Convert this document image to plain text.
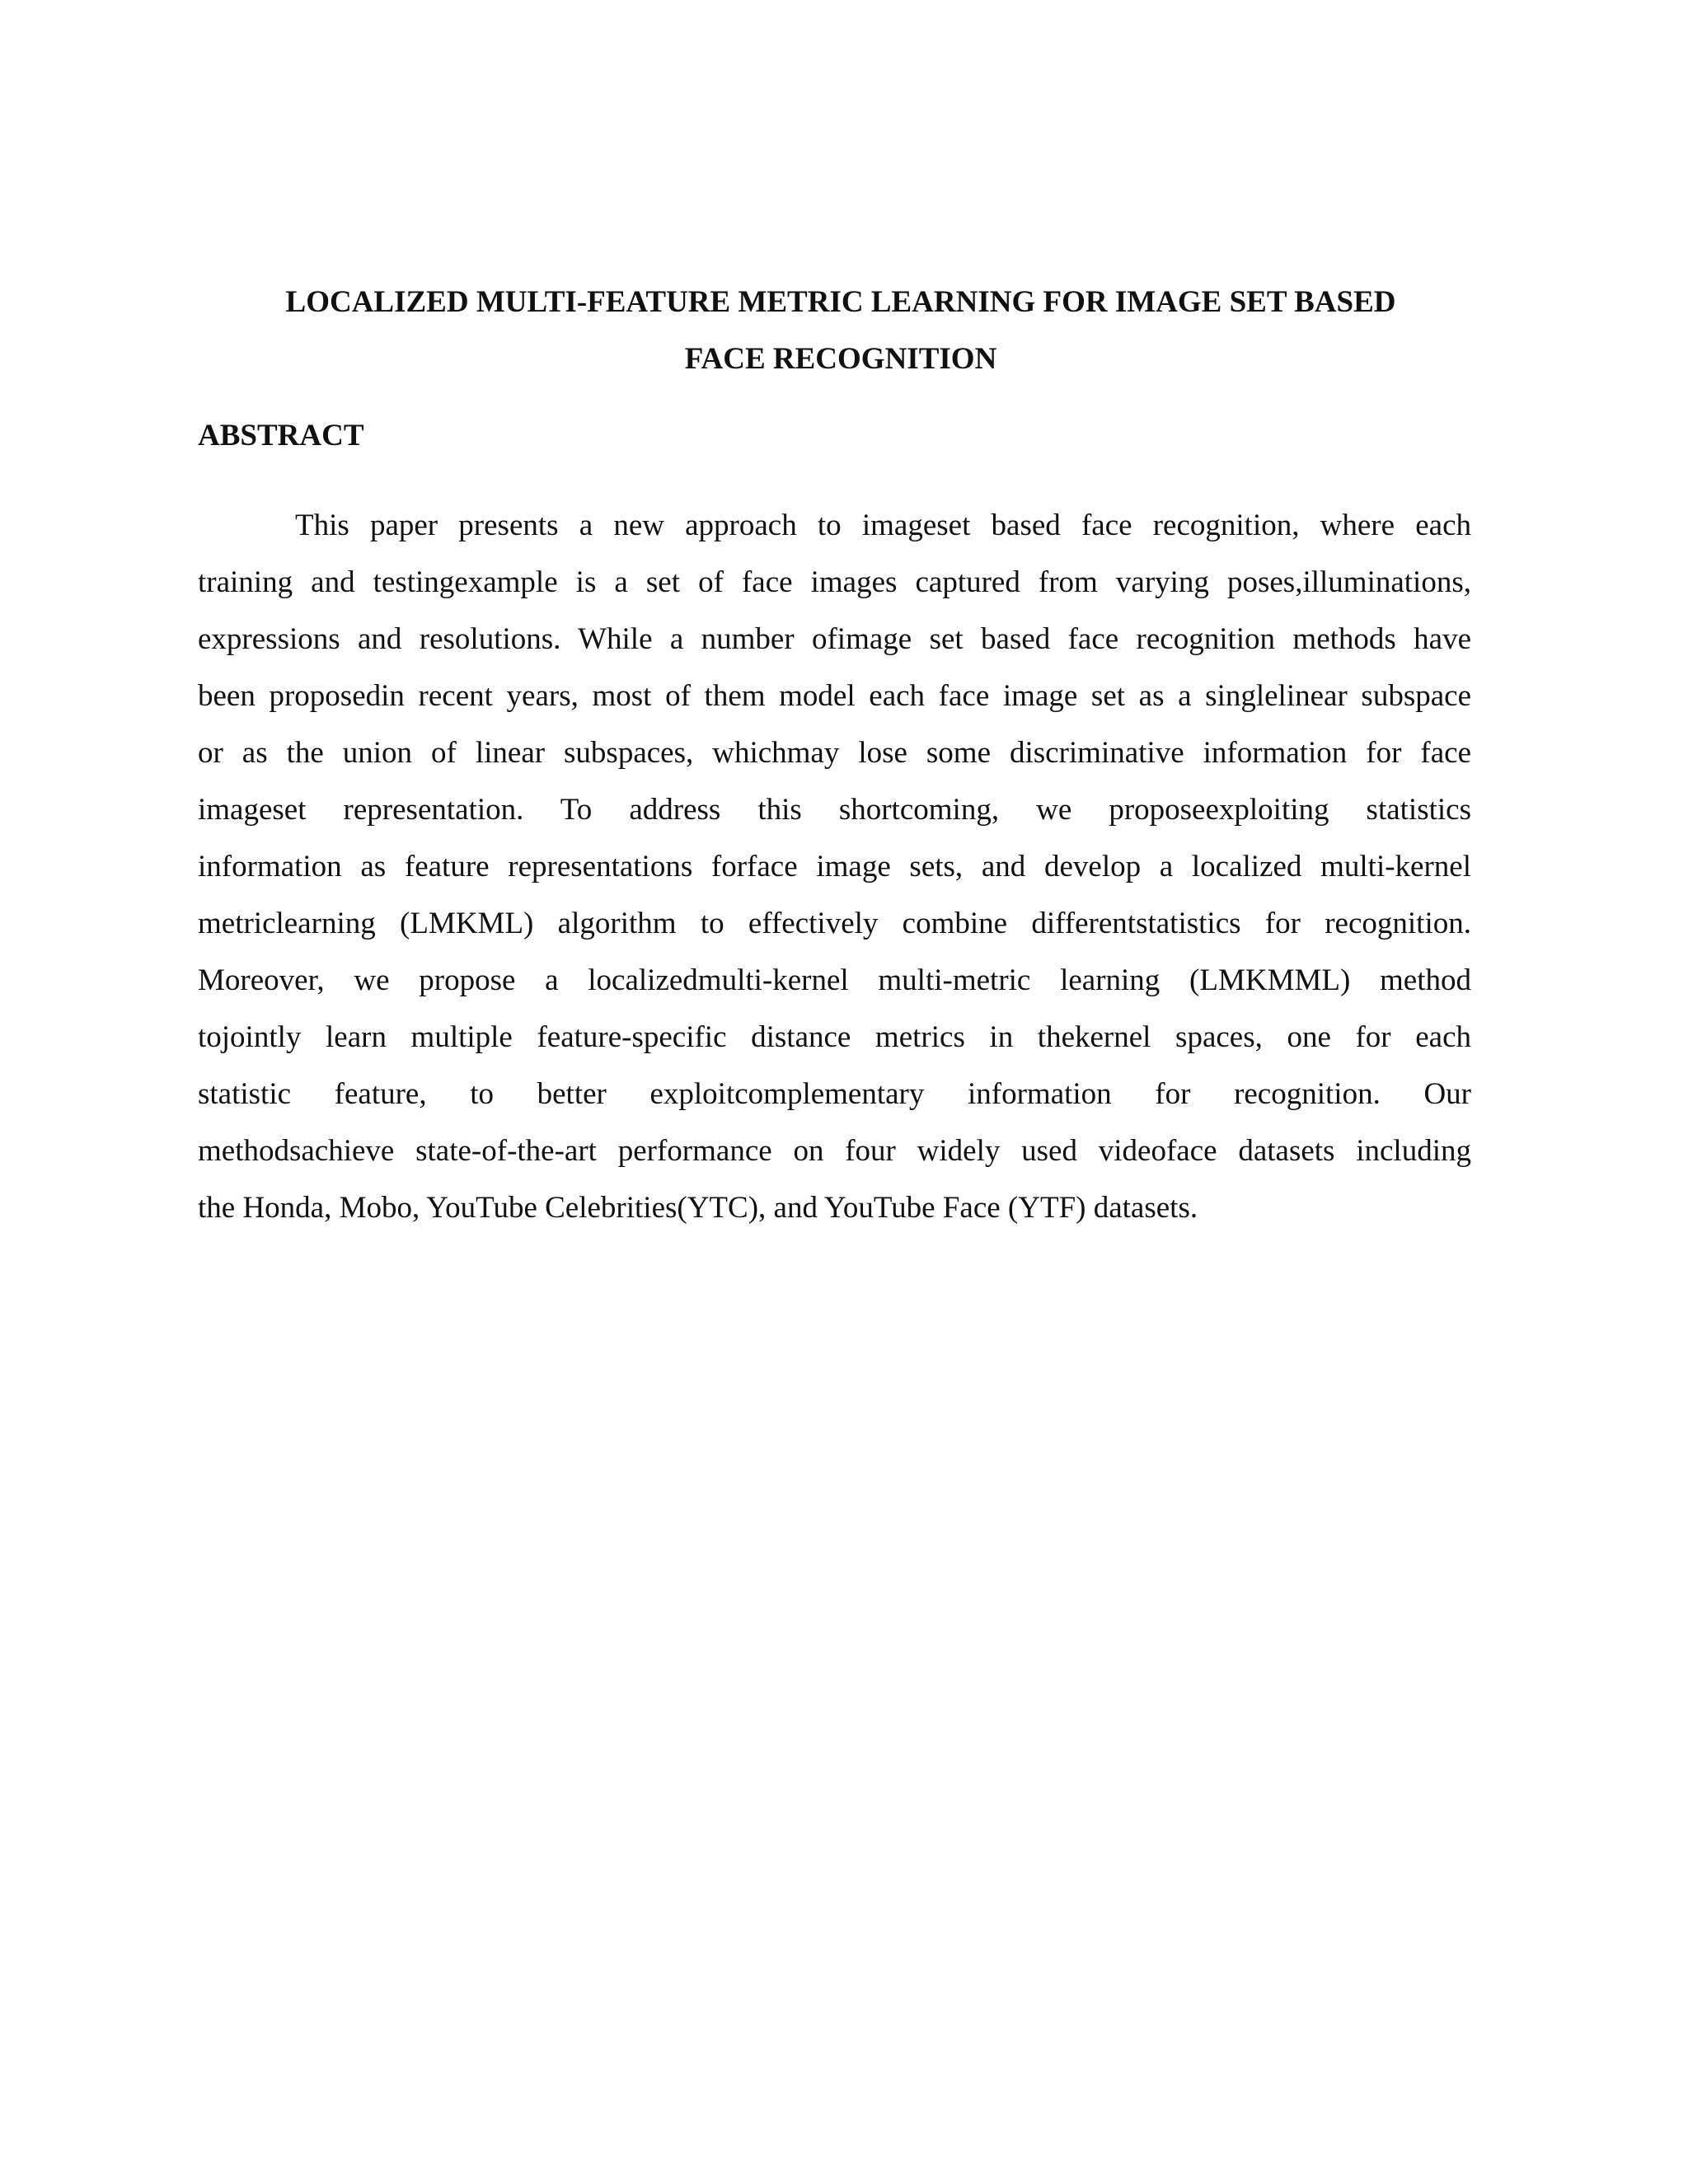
LOCALIZED MULTI-FEATURE METRIC LEARNING FOR IMAGE SET BASED
FACE RECOGNITION
ABSTRACT
This paper presents a new approach to imageset based face recognition, where each
training and testingexample is a set of face images captured from varying poses,illuminations,
expressions and resolutions. While a number ofimage set based face recognition methods have
been proposedin recent years, most of them model each face image set as a singlelinear subspace
or as the union of linear subspaces, whichmay lose some discriminative information for face
imageset representation. To address this shortcoming, we proposeexploiting statistics
information as feature representations forface image sets, and develop a localized multi-kernel
metriclearning (LMKML) algorithm to effectively combine differentstatistics for recognition.
Moreover, we propose a localizedmulti-kernel multi-metric learning (LMKMML) method
tojointly learn multiple feature-specific distance metrics in thekernel spaces, one for each
statistic feature, to better exploitcomplementary information for recognition. Our
methodsachieve state-of-the-art performance on four widely used videoface datasets including
the Honda, Mobo, YouTube Celebrities(YTC), and YouTube Face (YTF) datasets.
